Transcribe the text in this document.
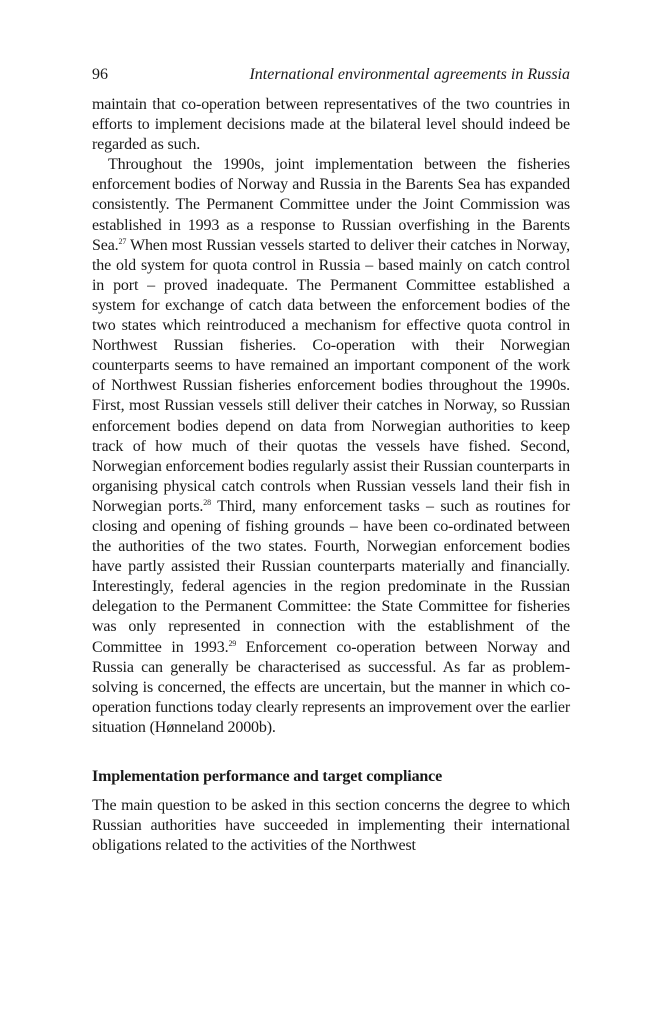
96	International environmental agreements in Russia

maintain that co-operation between representatives of the two countries in efforts to implement decisions made at the bilateral level should indeed be regarded as such.

Throughout the 1990s, joint implementation between the fisheries enforcement bodies of Norway and Russia in the Barents Sea has expanded consistently. The Permanent Committee under the Joint Commission was established in 1993 as a response to Russian overfishing in the Barents Sea.$^{27}$ When most Russian vessels started to deliver their catches in Norway, the old system for quota control in Russia – based mainly on catch control in port – proved inadequate. The Permanent Committee established a system for exchange of catch data between the enforcement bodies of the two states which reintroduced a mechanism for effective quota control in Northwest Russian fisheries. Co-operation with their Norwegian counterparts seems to have remained an important component of the work of Northwest Russian fisheries enforcement bodies throughout the 1990s. First, most Russian vessels still deliver their catches in Norway, so Russian enforcement bodies depend on data from Norwegian authorities to keep track of how much of their quotas the vessels have fished. Second, Norwegian enforcement bodies regularly assist their Russian counterparts in organising physical catch controls when Russian vessels land their fish in Norwegian ports.$^{28}$ Third, many enforcement tasks – such as routines for closing and opening of fishing grounds – have been co-ordinated between the authorities of the two states. Fourth, Norwegian enforcement bodies have partly assisted their Russian counterparts materially and financially. Interestingly, federal agencies in the region predominate in the Russian delegation to the Permanent Committee: the State Committee for fisheries was only represented in connection with the establishment of the Committee in 1993.29 Enforcement co-operation between Norway and Russia can generally be characterised as successful. As far as problem-solving is concerned, the effects are uncertain, but the manner in which co-operation functions today clearly represents an improvement over the earlier situation (Hønneland 2000b).

Implementation performance and target compliance

The main question to be asked in this section concerns the degree to which Russian authorities have succeeded in implementing their international obligations related to the activities of the Northwest
